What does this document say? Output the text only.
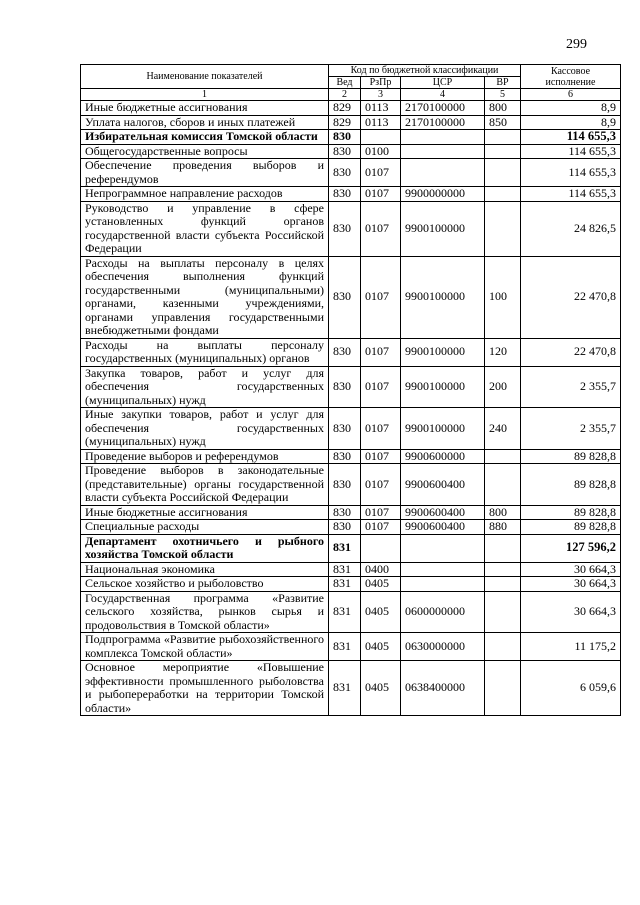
299
Наименование показателей	Код по бюджетной классификации				Кассовое исполнение
	Вед	РзПр	ЦСР	ВР	
1	2	3	4	5	6
Иные бюджетные ассигнования	829	0113	2170100000	800	8,9
Уплата налогов, сборов и иных платежей	829	0113	2170100000	850	8,9
Избирательная комиссия Томской области	830				114 655,3
Общегосударственные вопросы	830	0100			114 655,3
Обеспечение проведения выборов и референдумов	830	0107			114 655,3
Непрограммное направление расходов	830	0107	9900000000		114 655,3
Руководство и управление в сфере установленных функций органов государственной власти субъекта Российской Федерации	830	0107	9900100000		24 826,5
Расходы на выплаты персоналу в целях обеспечения выполнения функций государственными (муниципальными) органами, казенными учреждениями, органами управления государственными внебюджетными фондами	830	0107	9900100000	100	22 470,8
Расходы на выплаты персоналу государственных (муниципальных) органов	830	0107	9900100000	120	22 470,8
Закупка товаров, работ и услуг для обеспечения государственных (муниципальных) нужд	830	0107	9900100000	200	2 355,7
Иные закупки товаров, работ и услуг для обеспечения государственных (муниципальных) нужд	830	0107	9900100000	240	2 355,7
Проведение выборов и референдумов	830	0107	9900600000		89 828,8
Проведение выборов в законодательные (представительные) органы государственной власти субъекта Российской Федерации	830	0107	9900600400		89 828,8
Иные бюджетные ассигнования	830	0107	9900600400	800	89 828,8
Специальные расходы	830	0107	9900600400	880	89 828,8
Департамент охотничьего и рыбного хозяйства Томской области	831				127 596,2
Национальная экономика	831	0400			30 664,3
Сельское хозяйство и рыболовство	831	0405			30 664,3
Государственная программа «Развитие сельского хозяйства, рынков сырья и продовольствия в Томской области»	831	0405	0600000000		30 664,3
Подпрограмма «Развитие рыбохозяйственного комплекса Томской области»	831	0405	0630000000		11 175,2
Основное мероприятие «Повышение эффективности промышленного рыболовства и рыбопереработки на территории Томской области»	831	0405	0638400000		6 059,6
